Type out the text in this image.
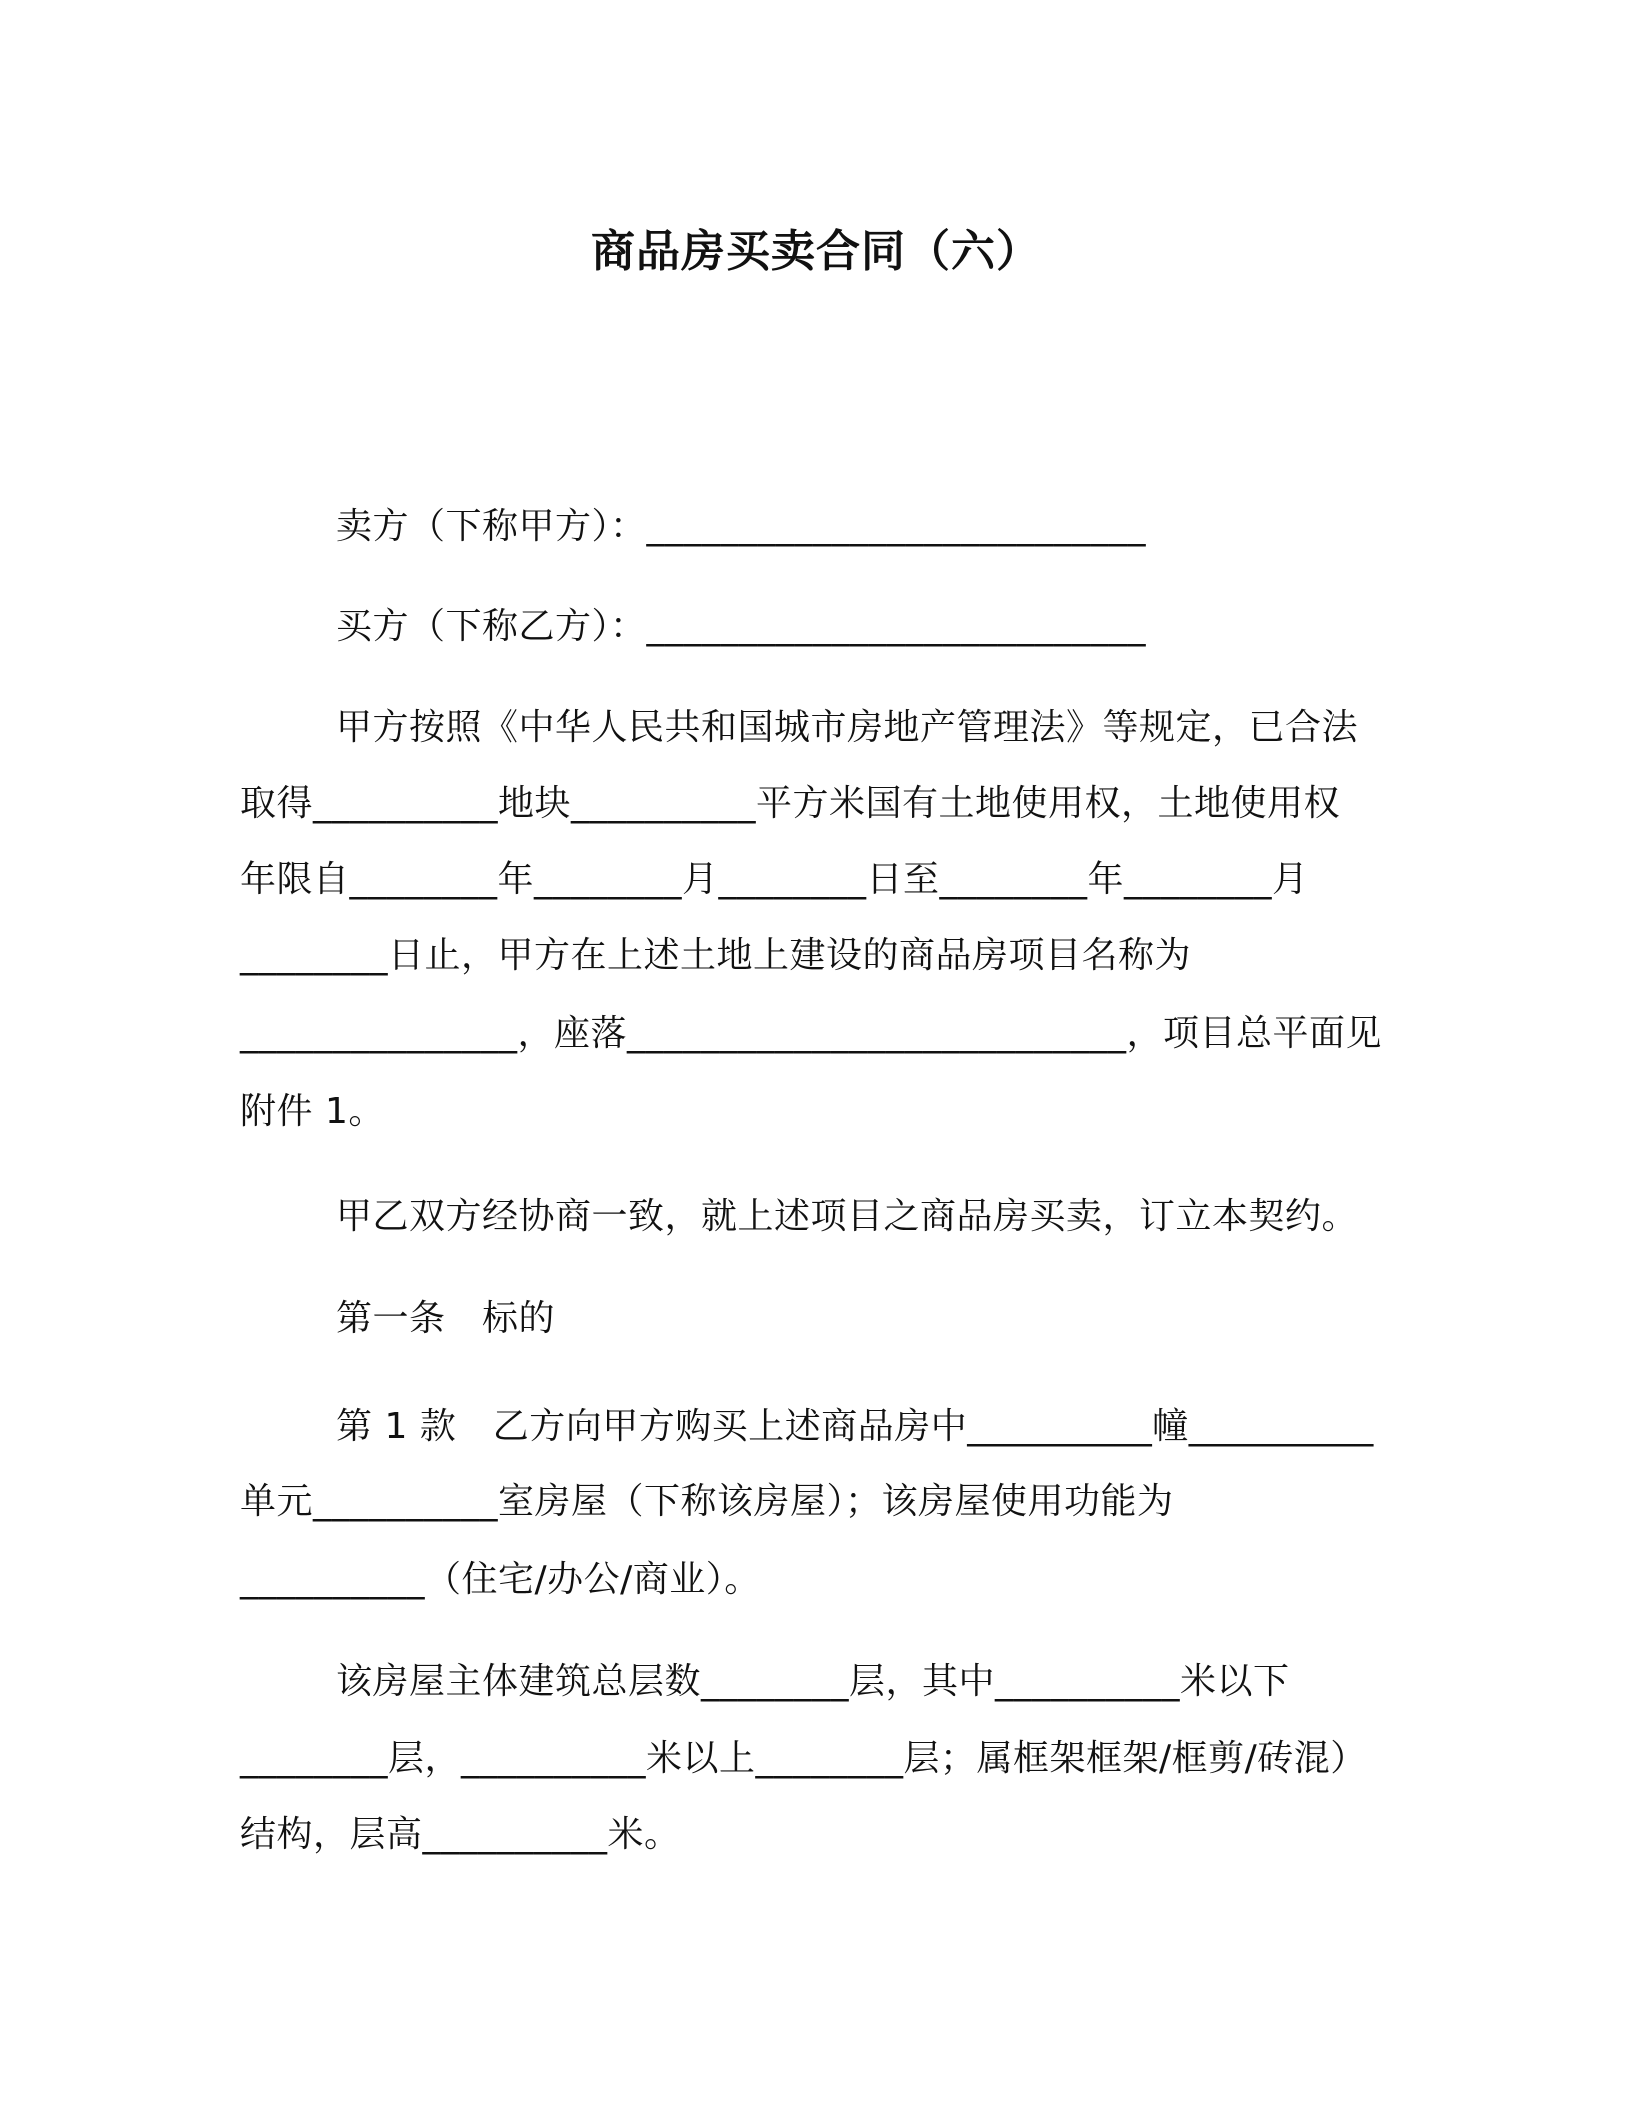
商品房买卖合同（六）
卖方（下称甲方）：___________________________
买方（下称乙方）：___________________________
甲方按照《中华人民共和国城市房地产管理法》等规定，已合法
取得__________地块__________平方米国有土地使用权，土地使用权
年限自________年________月________日至________年________月
________日止，甲方在上述土地上建设的商品房项目名称为
_______________，座落___________________________，项目总平面见
附件 1。
甲乙双方经协商一致，就上述项目之商品房买卖，订立本契约。
第一条　标的
第 1 款　乙方向甲方购买上述商品房中__________幢__________
单元__________室房屋（下称该房屋）；该房屋使用功能为
__________（住宅/办公/商业）。
该房屋主体建筑总层数________层，其中__________米以下
________层，__________米以上________层；属框架框架/框剪/砖混）
结构，层高__________米。
